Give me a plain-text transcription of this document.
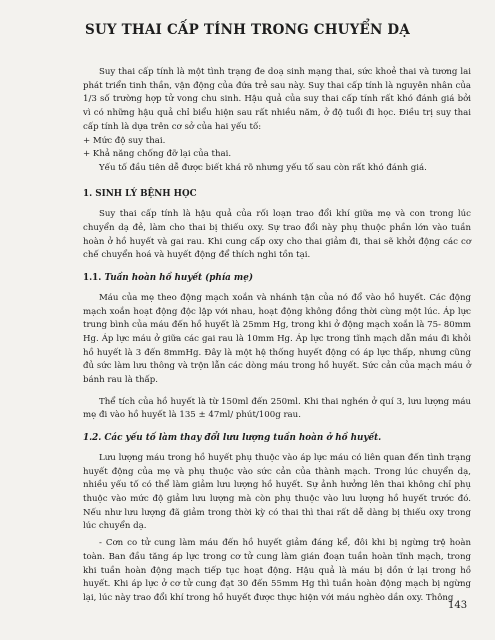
SUY THAI CẤP TÍNH TRONG CHUYỂN DẠ

Suy thai cấp tính là một tình trạng đe doạ sinh mạng thai, sức khoẻ thai và tương lai phát triển tinh thần, vận động của đứa trẻ sau này. Suy thai cấp tính là nguyên nhân của 1/3 số trường hợp tử vong chu sinh. Hậu quả của suy thai cấp tính rất khó đánh giá bởi vì có những hậu quả chỉ biểu hiện sau rất nhiều năm, ở độ tuổi đi học. Điều trị suy thai cấp tính là dựa trên cơ sở của hai yếu tố:

+ Mức độ suy thai.

+ Khả năng chống đỡ lại của thai.

Yếu tố đầu tiên dễ được biết khá rõ nhưng yếu tố sau còn rất khó đánh giá.

1. SINH LÝ BỆNH HỌC

Suy thai cấp tính là hậu quả của rối loạn trao đổi khí giữa mẹ và con trong lúc chuyển dạ đẻ, làm cho thai bị thiếu oxy. Sự trao đổi này phụ thuộc phần lớn vào tuần hoàn ở hồ huyết và gai rau. Khi cung cấp oxy cho thai giảm đi, thai sẽ khởi động các cơ chế chuyển hoá và huyết động để thích nghi tồn tại.

1.1. Tuần hoàn hồ huyết (phía mẹ)

Máu của mẹ theo động mạch xoắn và nhánh tận của nó đổ vào hồ huyết. Các động mạch xoắn hoạt động độc lập với nhau, hoạt động không đồng thời cùng một lúc. Áp lực trung bình của máu đến hồ huyết là 25mm Hg, trong khi ở động mạch xoắn là 75- 80mm Hg. Áp lực máu ở giữa các gai rau là 10mm Hg. Áp lực trong tĩnh mạch dẫn máu đi khỏi hồ huyết là 3 đến 8mmHg. Đây là một hệ thống huyết động có áp lực thấp, nhưng cũng đủ sức làm lưu thông và trộn lẫn các dòng máu trong hồ huyết. Sức cản của mạch máu ở bánh rau là thấp.

Thể tích của hồ huyết là từ 150ml đến 250ml. Khi thai nghén ở quí 3, lưu lượng máu mẹ đi vào hồ huyết là 135 ± 47ml/ phút/100g rau.

1.2. Các yếu tố làm thay đổi lưu lượng tuần hoàn ở hồ huyết.

Lưu lượng máu trong hồ huyết phụ thuộc vào áp lực máu có liên quan đến tình trạng huyết động của mẹ và phụ thuộc vào sức cản của thành mạch. Trong lúc chuyển dạ, nhiều yếu tố có thể làm giảm lưu lượng hồ huyết. Sự ảnh hưởng lên thai không chỉ phụ thuộc vào mức độ giảm lưu lượng mà còn phụ thuộc vào lưu lượng hồ huyết trước đó. Nếu như lưu lượng đã giảm trong thời kỳ có thai thì thai rất dễ dàng bị thiếu oxy trong lúc chuyển dạ.

- Cơn co tử cung làm máu đến hồ huyết giảm đáng kể, đôi khi bị ngừng trệ hoàn toàn. Ban đầu tăng áp lực trong cơ tử cung làm gián đoạn tuần hoàn tĩnh mạch, trong khi tuần hoàn động mạch tiếp tục hoạt động. Hậu quả là máu bị dồn ứ lại trong hồ huyết. Khi áp lực ở cơ tử cung đạt 30 đến 55mm Hg thì tuần hoàn động mạch bị ngừng lại, lúc này trao đổi khí trong hồ huyết được thực hiện với máu nghèo dần oxy. Thông

143
